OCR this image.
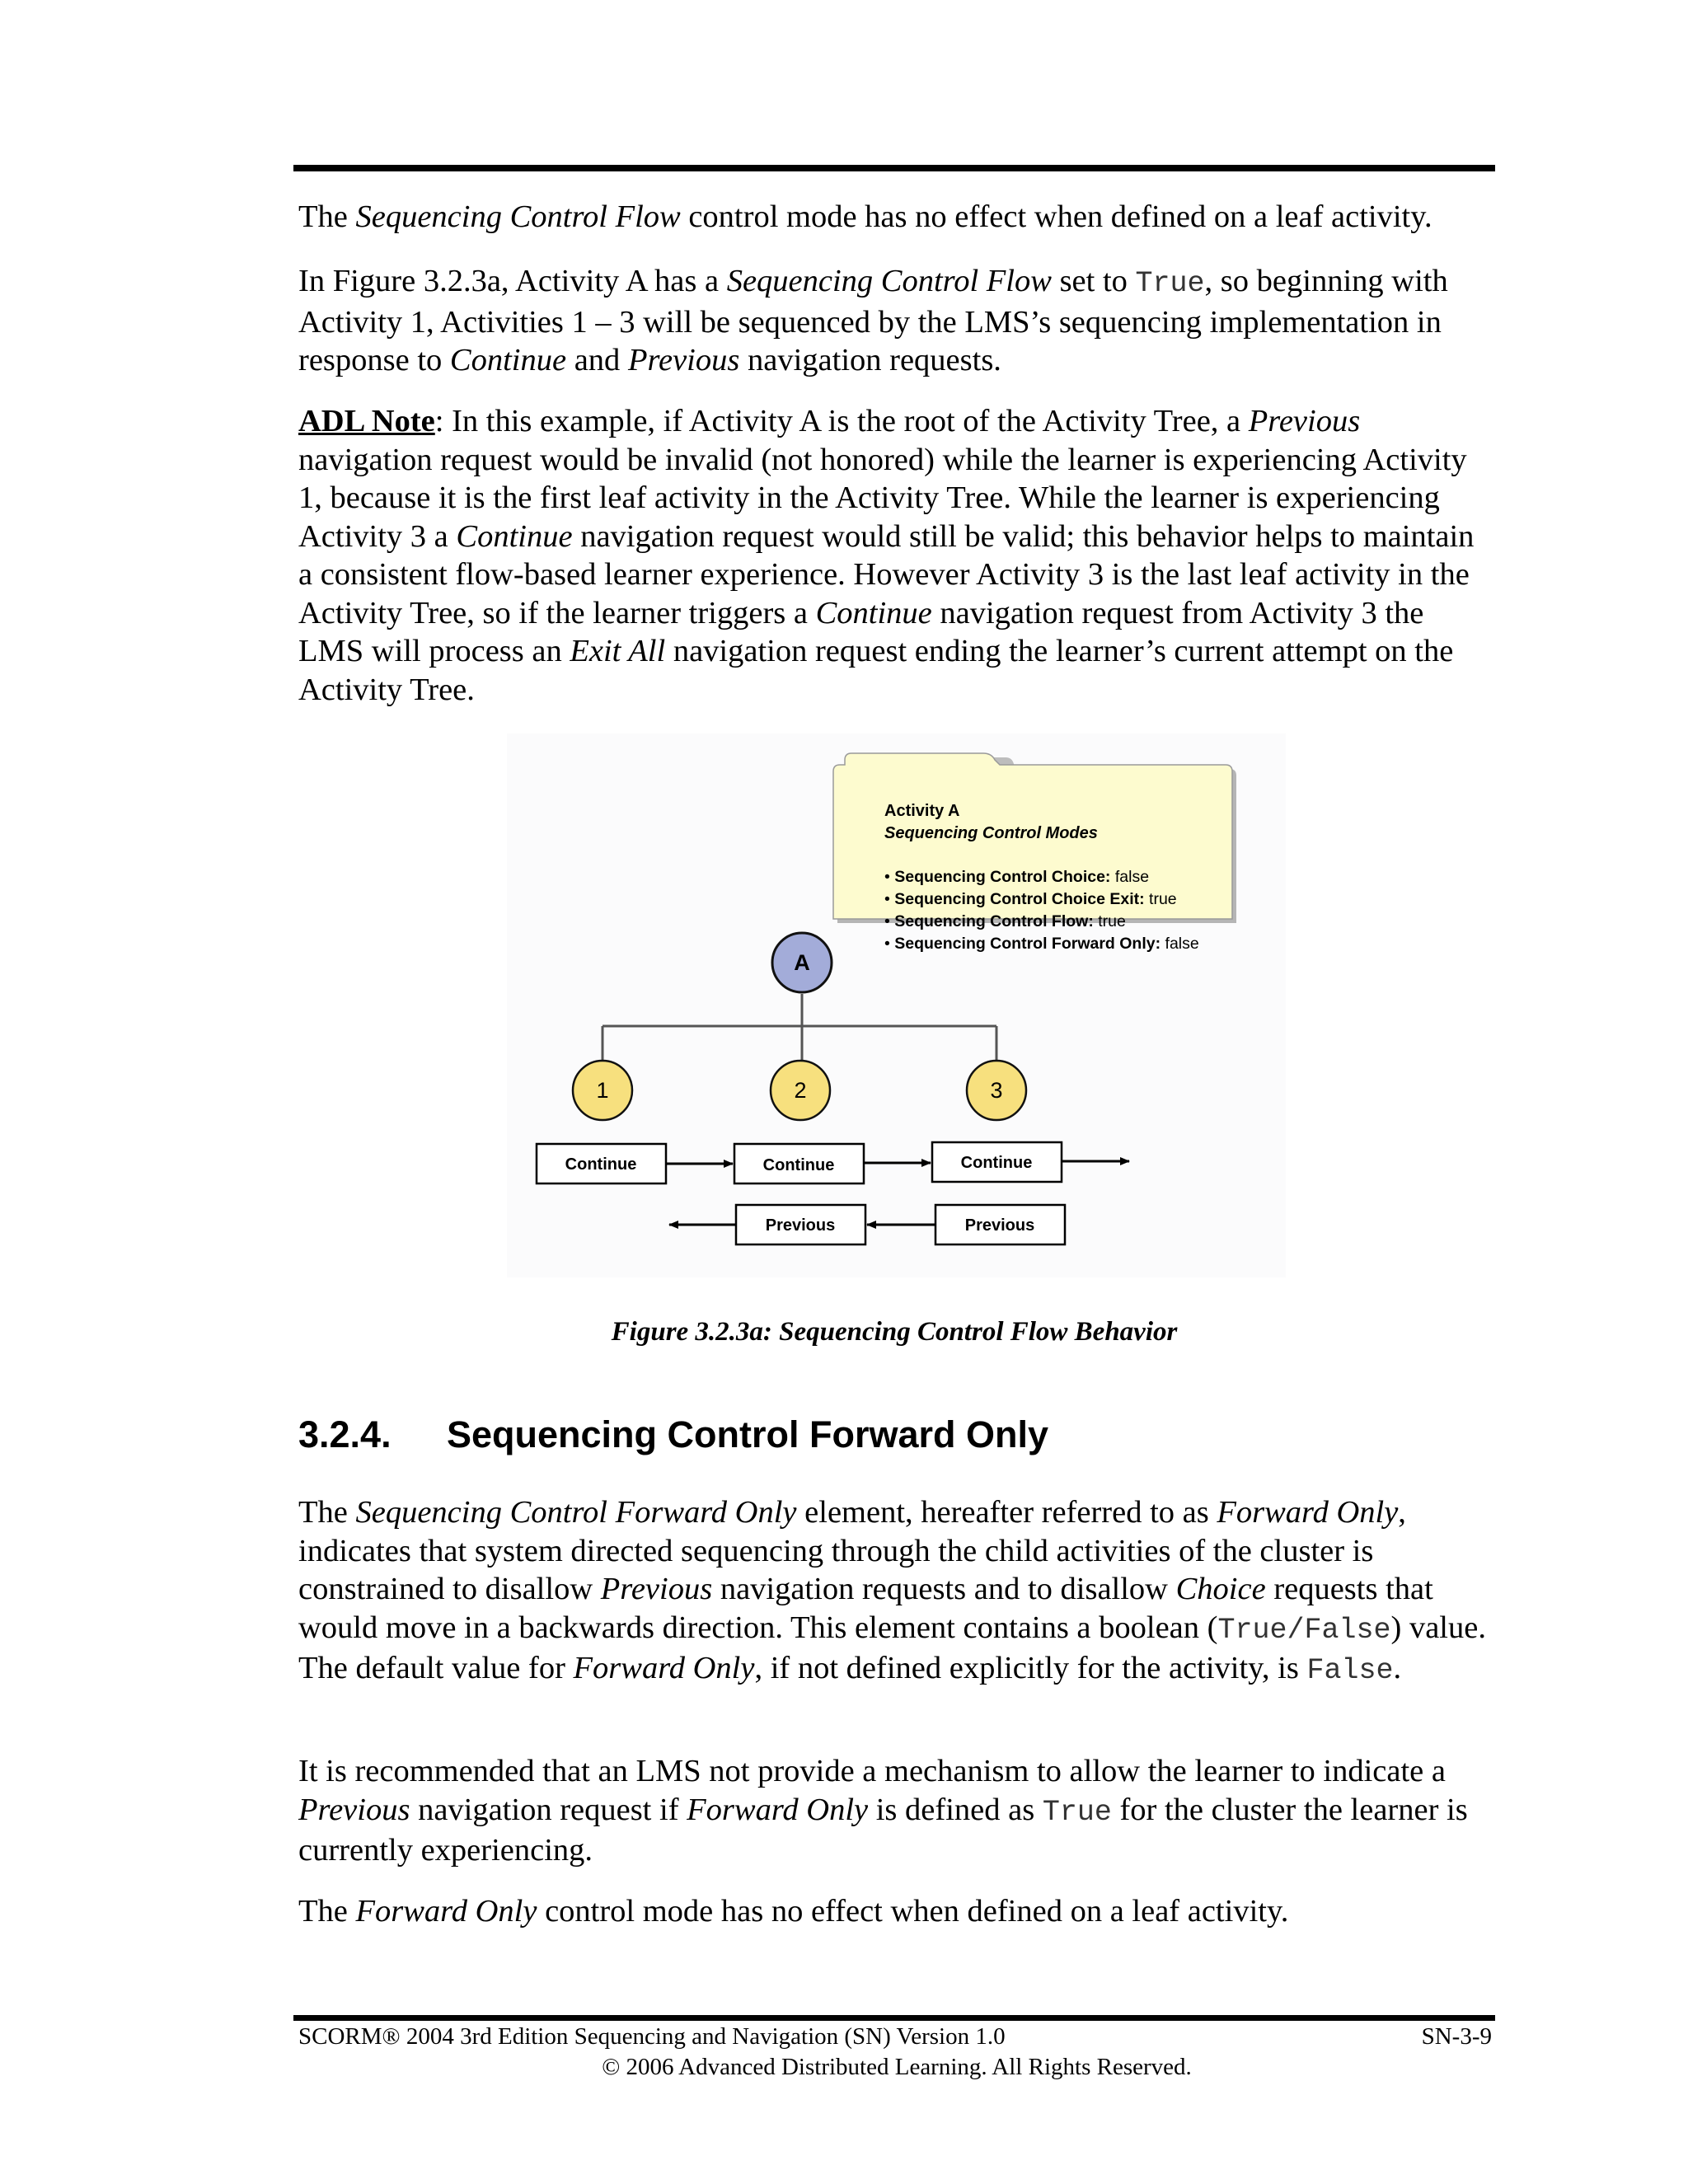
The Sequencing Control Flow control mode has no effect when defined on a leaf activity.

In Figure 3.2.3a, Activity A has a Sequencing Control Flow set to True, so beginning with Activity 1, Activities 1 – 3 will be sequenced by the LMS’s sequencing implementation in response to Continue and Previous navigation requests.

ADL Note: In this example, if Activity A is the root of the Activity Tree, a Previous navigation request would be invalid (not honored) while the learner is experiencing Activity 1, because it is the first leaf activity in the Activity Tree. While the learner is experiencing Activity 3 a Continue navigation request would still be valid; this behavior helps to maintain a consistent flow-based learner experience. However Activity 3 is the last leaf activity in the Activity Tree, so if the learner triggers a Continue navigation request from Activity 3 the LMS will process an Exit All navigation request ending the learner’s current attempt on the Activity Tree.

Activity A
Sequencing Control Modes
• Sequencing Control Choice: false
• Sequencing Control Choice Exit: true
• Sequencing Control Flow: true
• Sequencing Control Forward Only: false
A
1	2	3
Continue	Continue	Continue
Previous	Previous
Figure 3.2.3a: Sequencing Control Flow Behavior
3.2.4. Sequencing Control Forward Only

The Sequencing Control Forward Only element, hereafter referred to as Forward Only, indicates that system directed sequencing through the child activities of the cluster is constrained to disallow Previous navigation requests and to disallow Choice requests that would move in a backwards direction. This element contains a boolean (True/False) value. The default value for Forward Only, if not defined explicitly for the activity, is False.

It is recommended that an LMS not provide a mechanism to allow the learner to indicate a Previous navigation request if Forward Only is defined as True for the cluster the learner is currently experiencing.

The Forward Only control mode has no effect when defined on a leaf activity.

SCORM® 2004 3rd Edition Sequencing and Navigation (SN) Version 1.0	SN-3-9
© 2006 Advanced Distributed Learning. All Rights Reserved.
